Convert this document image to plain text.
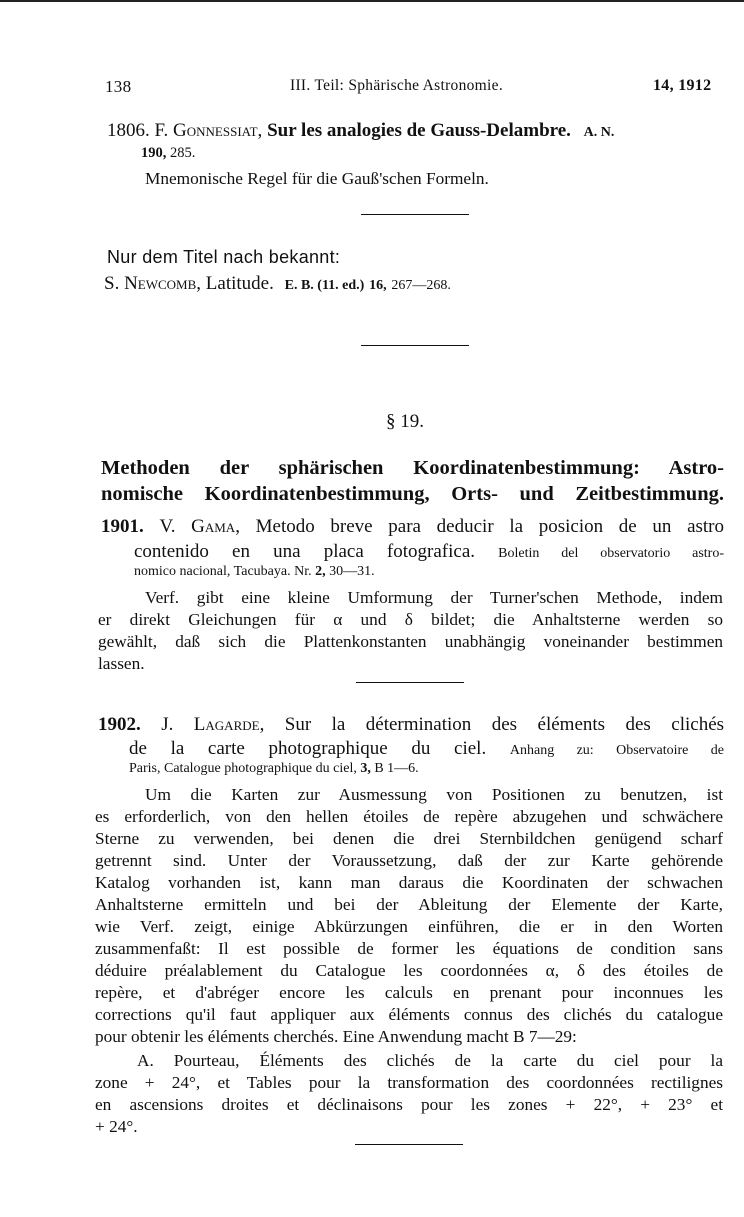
138	III. Teil: Sphärische Astronomie.	14, 1912
1806. F. Gonnessiat, Sur les analogies de Gauss-Delambre. A. N.
190, 285.
Mnemonische Regel für die Gauß'schen Formeln.
Nur dem Titel nach bekannt:
S. Newcomb, Latitude. E. B. (11. ed.) 16, 267—268.
§ 19.
Methoden der sphärischen Koordinatenbestimmung: Astro-
nomische Koordinatenbestimmung, Orts- und Zeitbestimmung.
1901. V. Gama, Metodo breve para deducir la posicion de un astro
contenido en una placa fotografica. Boletin del observatorio astro-
nomico nacional, Tacubaya. Nr. 2, 30—31.
Verf. gibt eine kleine Umformung der Turner'schen Methode, indem
er direkt Gleichungen für α und δ bildet; die Anhaltsterne werden so
gewählt, daß sich die Plattenkonstanten unabhängig voneinander bestimmen
lassen.
1902. J. Lagarde, Sur la détermination des éléments des clichés
de la carte photographique du ciel. Anhang zu: Observatoire de
Paris, Catalogue photographique du ciel, 3, B 1—6.
Um die Karten zur Ausmessung von Positionen zu benutzen, ist
es erforderlich, von den hellen étoiles de repère abzugehen und schwächere
Sterne zu verwenden, bei denen die drei Sternbildchen genügend scharf
getrennt sind. Unter der Voraussetzung, daß der zur Karte gehörende
Katalog vorhanden ist, kann man daraus die Koordinaten der schwachen
Anhaltsterne ermitteln und bei der Ableitung der Elemente der Karte,
wie Verf. zeigt, einige Abkürzungen einführen, die er in den Worten
zusammenfaßt: Il est possible de former les équations de condition sans
déduire préalablement du Catalogue les coordonnées α, δ des étoiles de
repère, et d'abréger encore les calculs en prenant pour inconnues les
corrections qu'il faut appliquer aux éléments connus des clichés du catalogue
pour obtenir les éléments cherchés. Eine Anwendung macht B 7—29:
A. Pourteau, Éléments des clichés de la carte du ciel pour la
zone + 24°, et Tables pour la transformation des coordonnées rectilignes
en ascensions droites et déclinaisons pour les zones + 22°, + 23° et
+ 24°.
